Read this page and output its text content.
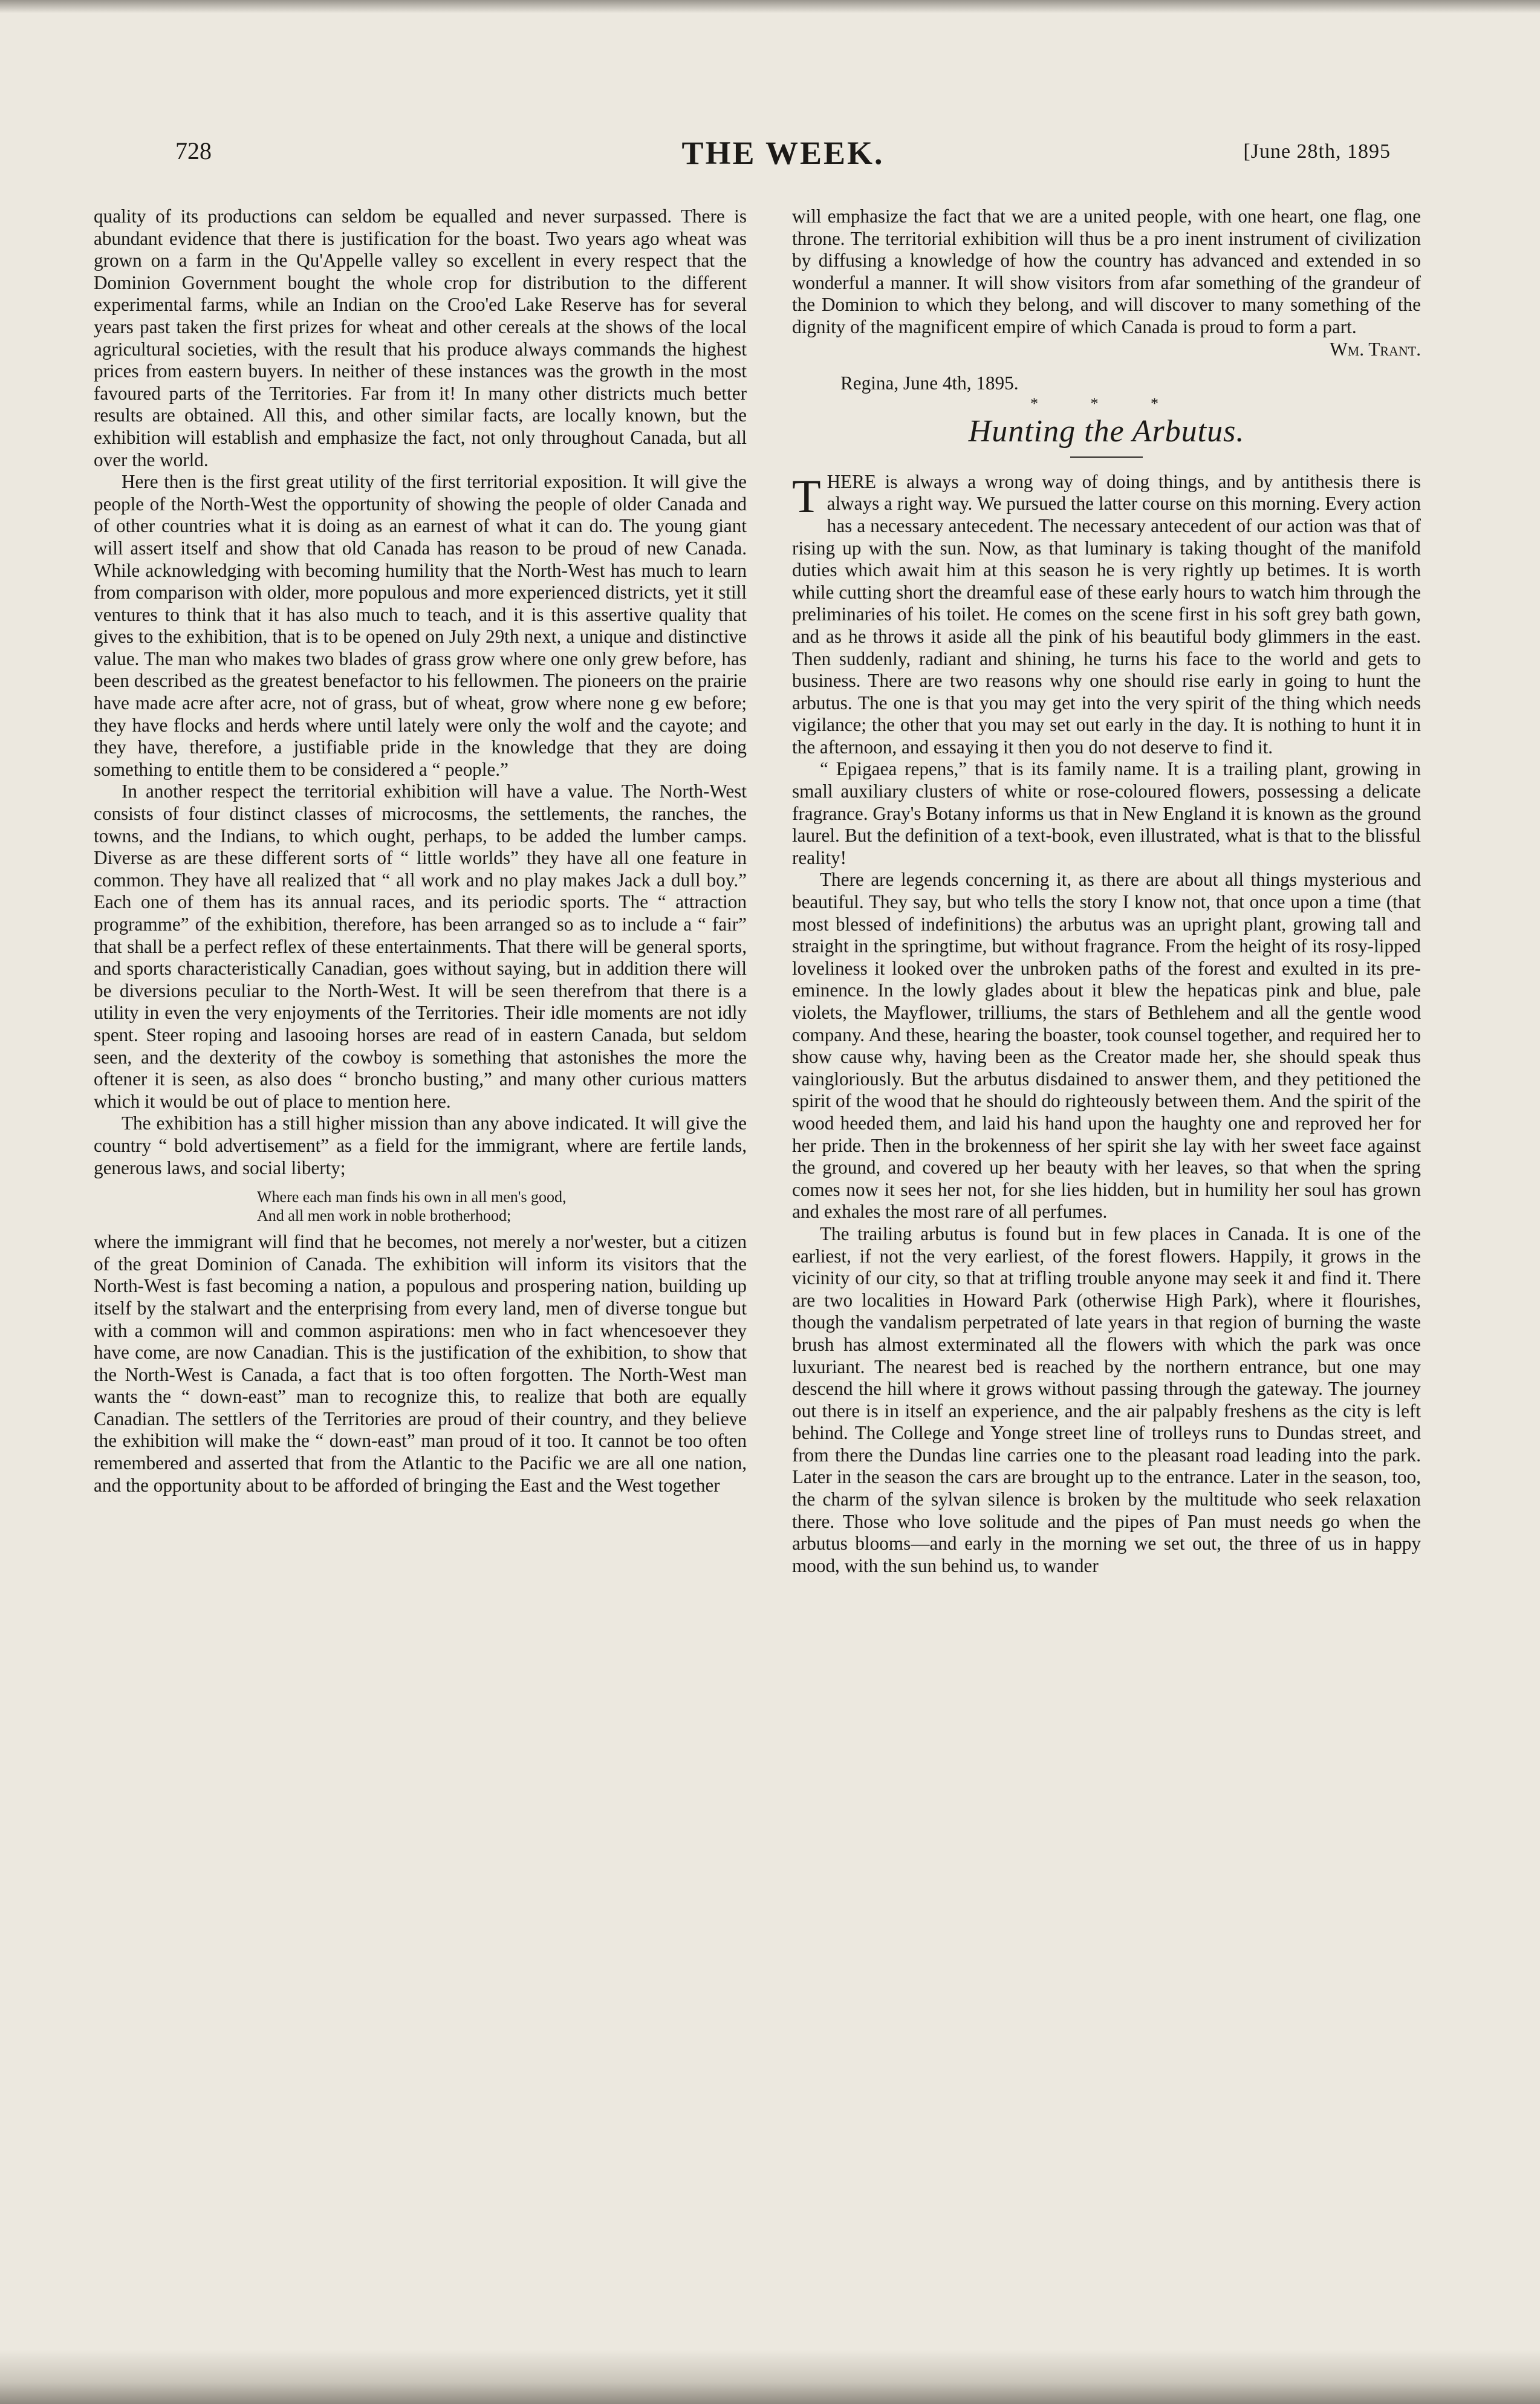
728	THE WEEK.	[June 28th, 1895

quality of its productions can seldom be equalled and never surpassed. There is abundant evidence that there is justification for the boast. Two years ago wheat was grown on a farm in the Qu'Appelle valley so excellent in every respect that the Dominion Government bought the whole crop for distribution to the different experimental farms, while an Indian on the Croo'ed Lake Reserve has for several years past taken the first prizes for wheat and other cereals at the shows of the local agricultural societies, with the result that his produce always commands the highest prices from eastern buyers. In neither of these instances was the growth in the most favoured parts of the Territories. Far from it! In many other districts much better results are obtained. All this, and other similar facts, are locally known, but the exhibition will establish and emphasize the fact, not only throughout Canada, but all over the world.

Here then is the first great utility of the first territorial exposition. It will give the people of the North-West the opportunity of showing the people of older Canada and of other countries what it is doing as an earnest of what it can do. The young giant will assert itself and show that old Canada has reason to be proud of new Canada. While acknowledging with becoming humility that the North-West has much to learn from comparison with older, more populous and more experienced districts, yet it still ventures to think that it has also much to teach, and it is this assertive quality that gives to the exhibition, that is to be opened on July 29th next, a unique and distinctive value. The man who makes two blades of grass grow where one only grew before, has been described as the greatest benefactor to his fellowmen. The pioneers on the prairie have made acre after acre, not of grass, but of wheat, grow where none g ew before; they have flocks and herds where until lately were only the wolf and the cayote; and they have, therefore, a justifiable pride in the knowledge that they are doing something to entitle them to be considered a “ people.”

In another respect the territorial exhibition will have a value. The North-West consists of four distinct classes of microcosms, the settlements, the ranches, the towns, and the Indians, to which ought, perhaps, to be added the lumber camps. Diverse as are these different sorts of “ little worlds” they have all one feature in common. They have all realized that “ all work and no play makes Jack a dull boy.” Each one of them has its annual races, and its periodic sports. The “ attraction programme” of the exhibition, therefore, has been arranged so as to include a “ fair” that shall be a perfect reflex of these entertainments. That there will be general sports, and sports characteristically Canadian, goes without saying, but in addition there will be diversions peculiar to the North-West. It will be seen therefrom that there is a utility in even the very enjoyments of the Territories. Their idle moments are not idly spent. Steer roping and lasooing horses are read of in eastern Canada, but seldom seen, and the dexterity of the cowboy is something that astonishes the more the oftener it is seen, as also does “ broncho busting,” and many other curious matters which it would be out of place to mention here.

The exhibition has a still higher mission than any above indicated. It will give the country “ bold advertisement” as a field for the immigrant, where are fertile lands, generous laws, and social liberty;

Where each man finds his own in all men's good,
And all men work in noble brotherhood;

where the immigrant will find that he becomes, not merely a nor'wester, but a citizen of the great Dominion of Canada. The exhibition will inform its visitors that the North-West is fast becoming a nation, a populous and prospering nation, building up itself by the stalwart and the enterprising from every land, men of diverse tongue but with a common will and common aspirations: men who in fact whencesoever they have come, are now Canadian. This is the justification of the exhibition, to show that the North-West is Canada, a fact that is too often forgotten. The North-West man wants the “ down-east” man to recognize this, to realize that both are equally Canadian. The settlers of the Territories are proud of their country, and they believe the exhibition will make the “ down-east” man proud of it too. It cannot be too often remembered and asserted that from the Atlantic to the Pacific we are all one nation, and the opportunity about to be afforded of bringing the East and the West together

will emphasize the fact that we are a united people, with one heart, one flag, one throne. The territorial exhibition will thus be a pro inent instrument of civilization by diffusing a knowledge of how the country has advanced and extended in so wonderful a manner. It will show visitors from afar something of the grandeur of the Dominion to which they belong, and will discover to many something of the dignity of the magnificent empire of which Canada is proud to form a part.

Wm. Trant.

Regina, June 4th, 1895.

* * *
Hunting the Arbutus.

THERE is always a wrong way of doing things, and by antithesis there is always a right way. We pursued the latter course on this morning. Every action has a necessary antecedent. The necessary antecedent of our action was that of rising up with the sun. Now, as that luminary is taking thought of the manifold duties which await him at this season he is very rightly up betimes. It is worth while cutting short the dreamful ease of these early hours to watch him through the preliminaries of his toilet. He comes on the scene first in his soft grey bath gown, and as he throws it aside all the pink of his beautiful body glimmers in the east. Then suddenly, radiant and shining, he turns his face to the world and gets to business. There are two reasons why one should rise early in going to hunt the arbutus. The one is that you may get into the very spirit of the thing which needs vigilance; the other that you may set out early in the day. It is nothing to hunt it in the afternoon, and essaying it then you do not deserve to find it.

“ Epigaea repens,” that is its family name. It is a trailing plant, growing in small auxiliary clusters of white or rose-coloured flowers, possessing a delicate fragrance. Gray's Botany informs us that in New England it is known as the ground laurel. But the definition of a text-book, even illustrated, what is that to the blissful reality!

There are legends concerning it, as there are about all things mysterious and beautiful. They say, but who tells the story I know not, that once upon a time (that most blessed of indefinitions) the arbutus was an upright plant, growing tall and straight in the springtime, but without fragrance. From the height of its rosy-lipped loveliness it looked over the unbroken paths of the forest and exulted in its pre-eminence. In the lowly glades about it blew the hepaticas pink and blue, pale violets, the Mayflower, trilliums, the stars of Bethlehem and all the gentle wood company. And these, hearing the boaster, took counsel together, and required her to show cause why, having been as the Creator made her, she should speak thus vaingloriously. But the arbutus disdained to answer them, and they petitioned the spirit of the wood that he should do righteously between them. And the spirit of the wood heeded them, and laid his hand upon the haughty one and reproved her for her pride. Then in the brokenness of her spirit she lay with her sweet face against the ground, and covered up her beauty with her leaves, so that when the spring comes now it sees her not, for she lies hidden, but in humility her soul has grown and exhales the most rare of all perfumes.

The trailing arbutus is found but in few places in Canada. It is one of the earliest, if not the very earliest, of the forest flowers. Happily, it grows in the vicinity of our city, so that at trifling trouble anyone may seek it and find it. There are two localities in Howard Park (otherwise High Park), where it flourishes, though the vandalism perpetrated of late years in that region of burning the waste brush has almost exterminated all the flowers with which the park was once luxuriant. The nearest bed is reached by the northern entrance, but one may descend the hill where it grows without passing through the gateway. The journey out there is in itself an experience, and the air palpably freshens as the city is left behind. The College and Yonge street line of trolleys runs to Dundas street, and from there the Dundas line carries one to the pleasant road leading into the park. Later in the season the cars are brought up to the entrance. Later in the season, too, the charm of the sylvan silence is broken by the multitude who seek relaxation there. Those who love solitude and the pipes of Pan must needs go when the arbutus blooms—and early in the morning we set out, the three of us in happy mood, with the sun behind us, to wander
